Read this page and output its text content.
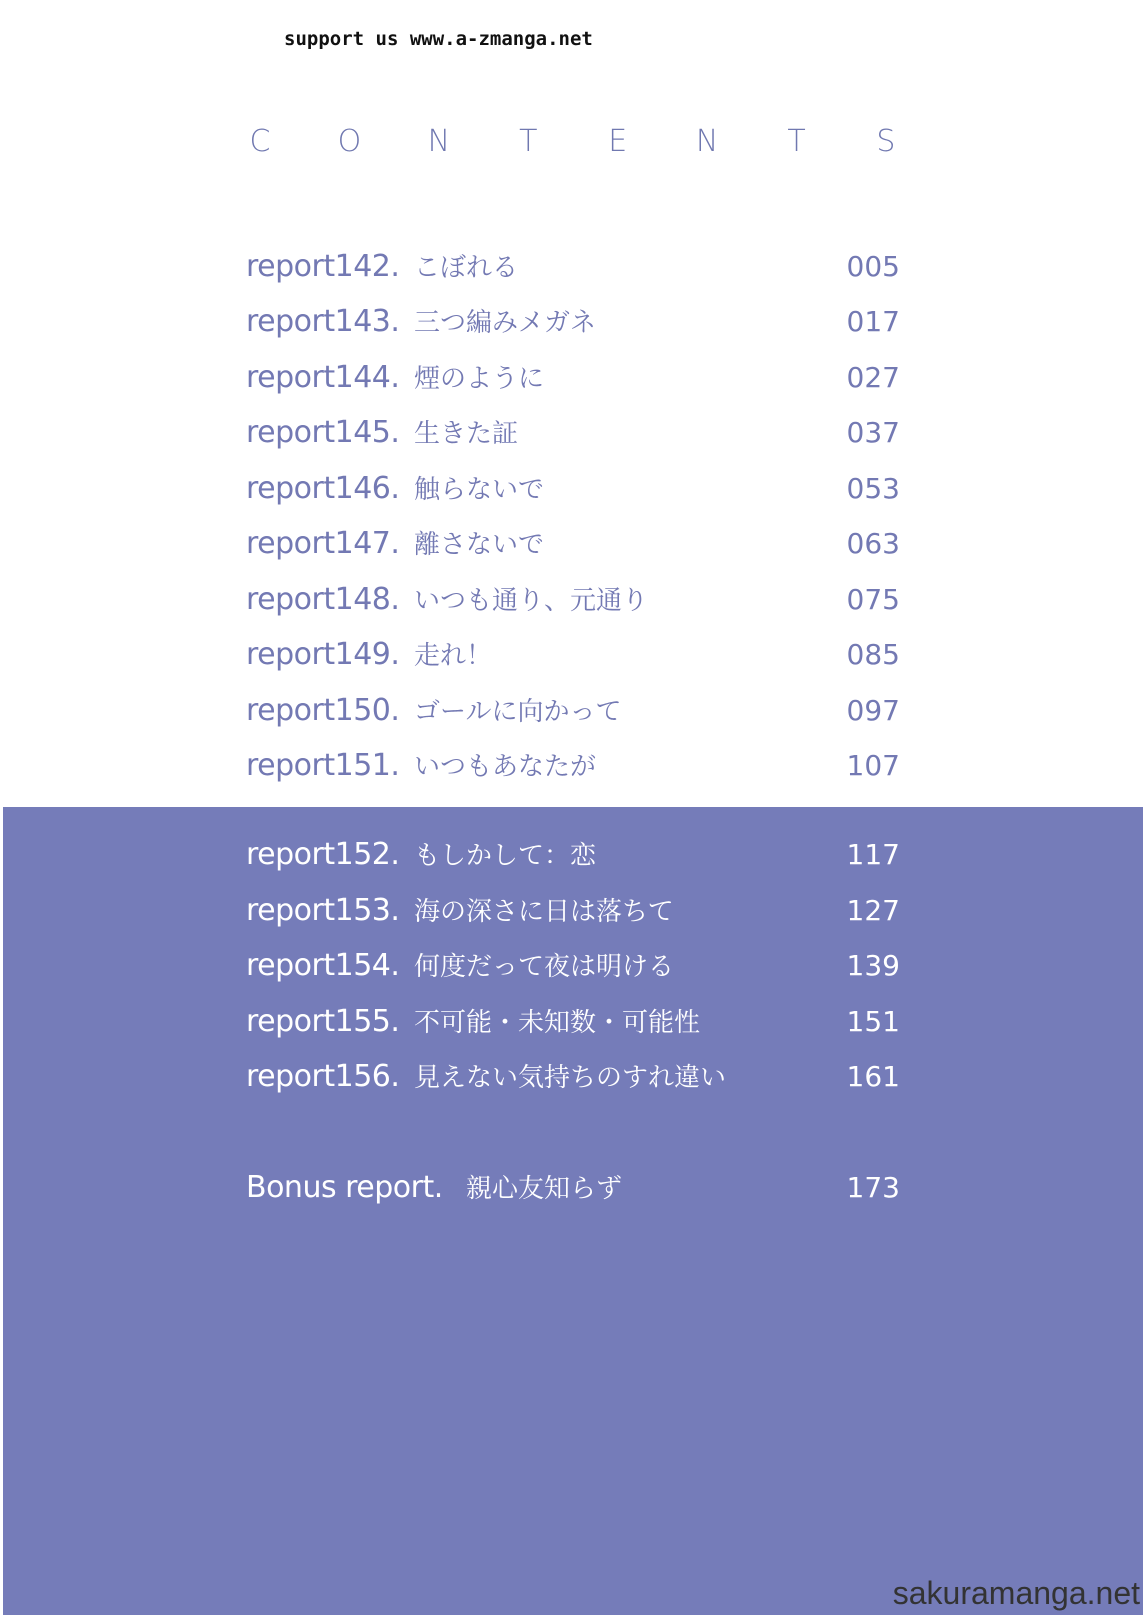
support us www.a-zmanga.net
C O N T E N T S
report142. こぼれる	005
report143. 三つ編みメガネ	017
report144. 煙のように	027
report145. 生きた証	037
report146. 触らないで	053
report147. 離さないで	063
report148. いつも通り、元通り	075
report149. 走れ！	085
report150. ゴールに向かって	097
report151. いつもあなたが	107
report152. もしかして：恋	117
report153. 海の深さに日は落ちて	127
report154. 何度だって夜は明ける	139
report155. 不可能・未知数・可能性	151
report156. 見えない気持ちのすれ違い	161
Bonus report. 親心友知らず	173
sakuramanga.net
